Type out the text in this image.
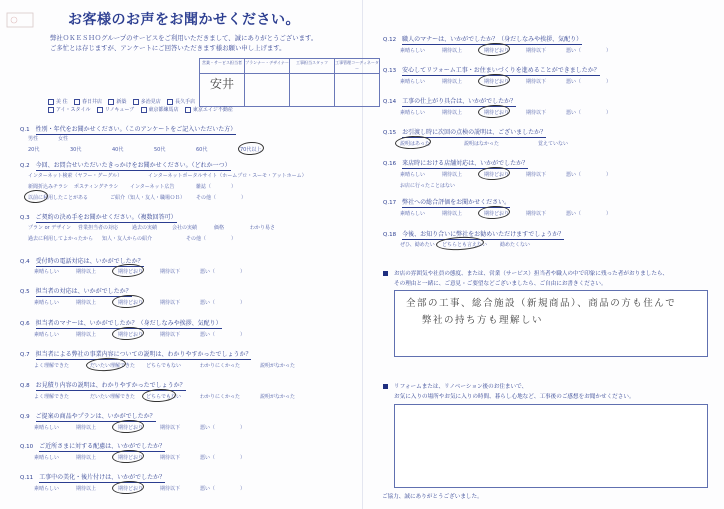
お客様のお声をお聞かせください。
弊社ＯＫＥＳＨＯグループのサービスをご利用いただきまして、誠にありがとうございます。
ご多忙とは存じますが、アンケートにご回答いただきます様お願い申し上げます。
営業・サービス担当者	プランナー・デザイナー	工事担当スタッフ	工事管理コーディネーター
安井			
美 住	春日井店	新築	多治見店	長久手店
アイ・スタイル	リノキューブ	東京都練馬店	東京エイジ不動産
Q.1 性別・年代をお聞かせください。（このアンケートをご記入いただいた方）
男性	女性
20代	30代	40代	50代	60代	70代以上
Q.2 今回、お問合せいただいたきっかけをお聞かせください。（どれか一つ）
インターネット検索（ヤフー・グーグル）	インターネットポータルサイト（ホームプロ・スーモ・アットホーム）
新聞折込みチラシ ポスティングチラシ インターネット広告	雑誌（　　　　）
以前に利用したことがある	ご紹介（知人・友人・職場ＯＢ） その他（　　　　　）
Q.3 ご契約の決め手をお聞かせください。（複数回答可）
プラン or デザイン 営業担当者の対応	過去の実績	会社の実績	価格	わかり易さ
過去に利用してよかったから 知人・友人からの紹介	その他（　　　　　）
Q.4 受付時の電話対応は、いかがでしたか？
素晴らしい	期待以上	期待どおり	期待以下	悪い（　　　　　）
Q.5 担当者の対応は、いかがでしたか？
素晴らしい	期待以上	期待どおり	期待以下	悪い（　　　　　）
Q.6 担当者のマナーは、いかがでしたか？（身だしなみや挨拶、気配り）
素晴らしい	期待以上	期待どおり	期待以下	悪い（　　　　　）
Q.7 担当者による弊社の事業内容についての説明は、わかりやすかったでしょうか？
よく理解できた	だいたい理解できた どちらでもない	わかりにくかった	説明がなかった
Q.8 お見積り内容の説明は、わかりやすかったでしょうか？
よく理解できた	だいたい理解できた どちらでもない	わかりにくかった	説明がなかった
Q.9 ご提案の商品やプランは、いかがでしたか？
素晴らしい	期待以上	期待どおり	期待以下	悪い（　　　　　）
Q.10 ご近所さまに対する配慮は、いかがでしたか？
素晴らしい	期待以上	期待どおり	期待以下	悪い（　　　　　）
Q.11 工事中の美化・後片付けは、いかがでしたか？
素晴らしい	期待以上	期待どおり	期待以下	悪い（　　　　　）
Q.12 職人のマナーは、いかがでしたか？（身だしなみや挨拶、気配り）
素晴らしい	期待以上	期待どおり	期待以下	悪い（　　　　　）
Q.13 安心してリフォーム工事・お住まいづくりを進めることができましたか？
素晴らしい	期待以上	期待どおり	期待以下	悪い（　　　　　）
Q.14 工事の仕上がり具合は、いかがでしたか？
素晴らしい	期待以上	期待どおり	期待以下	悪い（　　　　　）
Q.15 お引渡し時に次回の点検の説明は、ございましたか？
説明はあった	説明はなかった	覚えていない
Q.16 来店時における店舗対応は、いかがでしたか？
素晴らしい	期待以上	期待どおり	期待以下	悪い（　　　　　）
お店に行ったことはない
Q.17 弊社への総合評価をお聞かせください。
素晴らしい	期待以上	期待どおり	期待以下	悪い（　　　　　）
Q.18 今後、お知り合いに弊社をお勧めいただけますでしょうか？
ぜひ、勧めたい どちらとも言えない	勧めたくない
お店の雰囲気や社員の態度、または、営業（サービス）担当者や職人の中で印象に残った者がおりましたら、
その理由と一緒に、ご意見・ご要望などございましたら、ご自由にお書きください。
全部の工事、総合施設（新規商品）、商品の方も住んで
弊社の持ち方も理解しい
リフォームまたは、リノベーション後のお住まいで、
お気に入りの場所やお気に入りの時間、暮らし心地など、工事後のご感想をお聞かせください。
ご協力、誠にありがとうございました。
